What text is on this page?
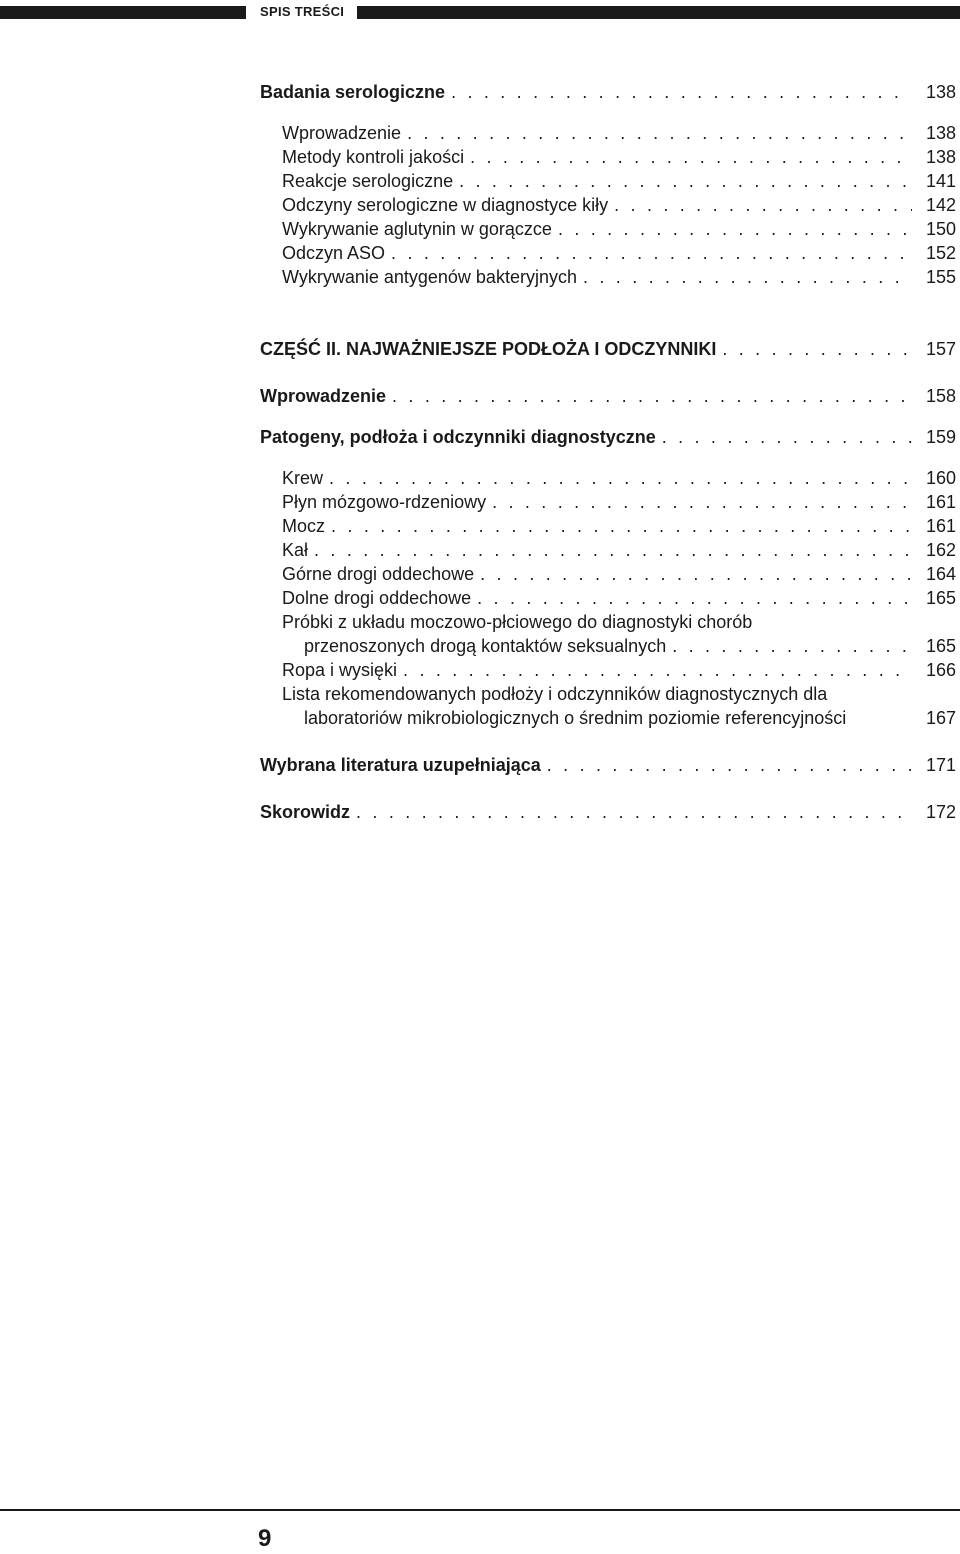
SPIS TREŚCI
Badania serologiczne . . .	138
Wprowadzenie . . .	138
Metody kontroli jakości . . .	138
Reakcje serologiczne . . .	141
Odczyny serologiczne w diagnostyce kiły . . .	142
Wykrywanie aglutynin w gorączce . . .	150
Odczyn ASO . . .	152
Wykrywanie antygenów bakteryjnych . . .	155
CZĘŚĆ II. NAJWAŻNIEJSZE PODŁOŻA I ODCZYNNIKI . . .	157
Wprowadzenie . . .	158
Patogeny, podłoża i odczynniki diagnostyczne . . .	159
Krew . . .	160
Płyn mózgowo-rdzeniowy . . .	161
Mocz . . .	161
Kał . . .	162
Górne drogi oddechowe . . .	164
Dolne drogi oddechowe . . .	165
Próbki z układu moczowo-płciowego do diagnostyki chorób
przenoszonych drogą kontaktów seksualnych . . .	165
Ropa i wysięki . . .	166
Lista rekomendowanych podłoży i odczynników diagnostycznych dla
laboratoriów mikrobiologicznych o średnim poziomie referencyjności	167
Wybrana literatura uzupełniająca . . .	171
Skorowidz . . .	172
9
